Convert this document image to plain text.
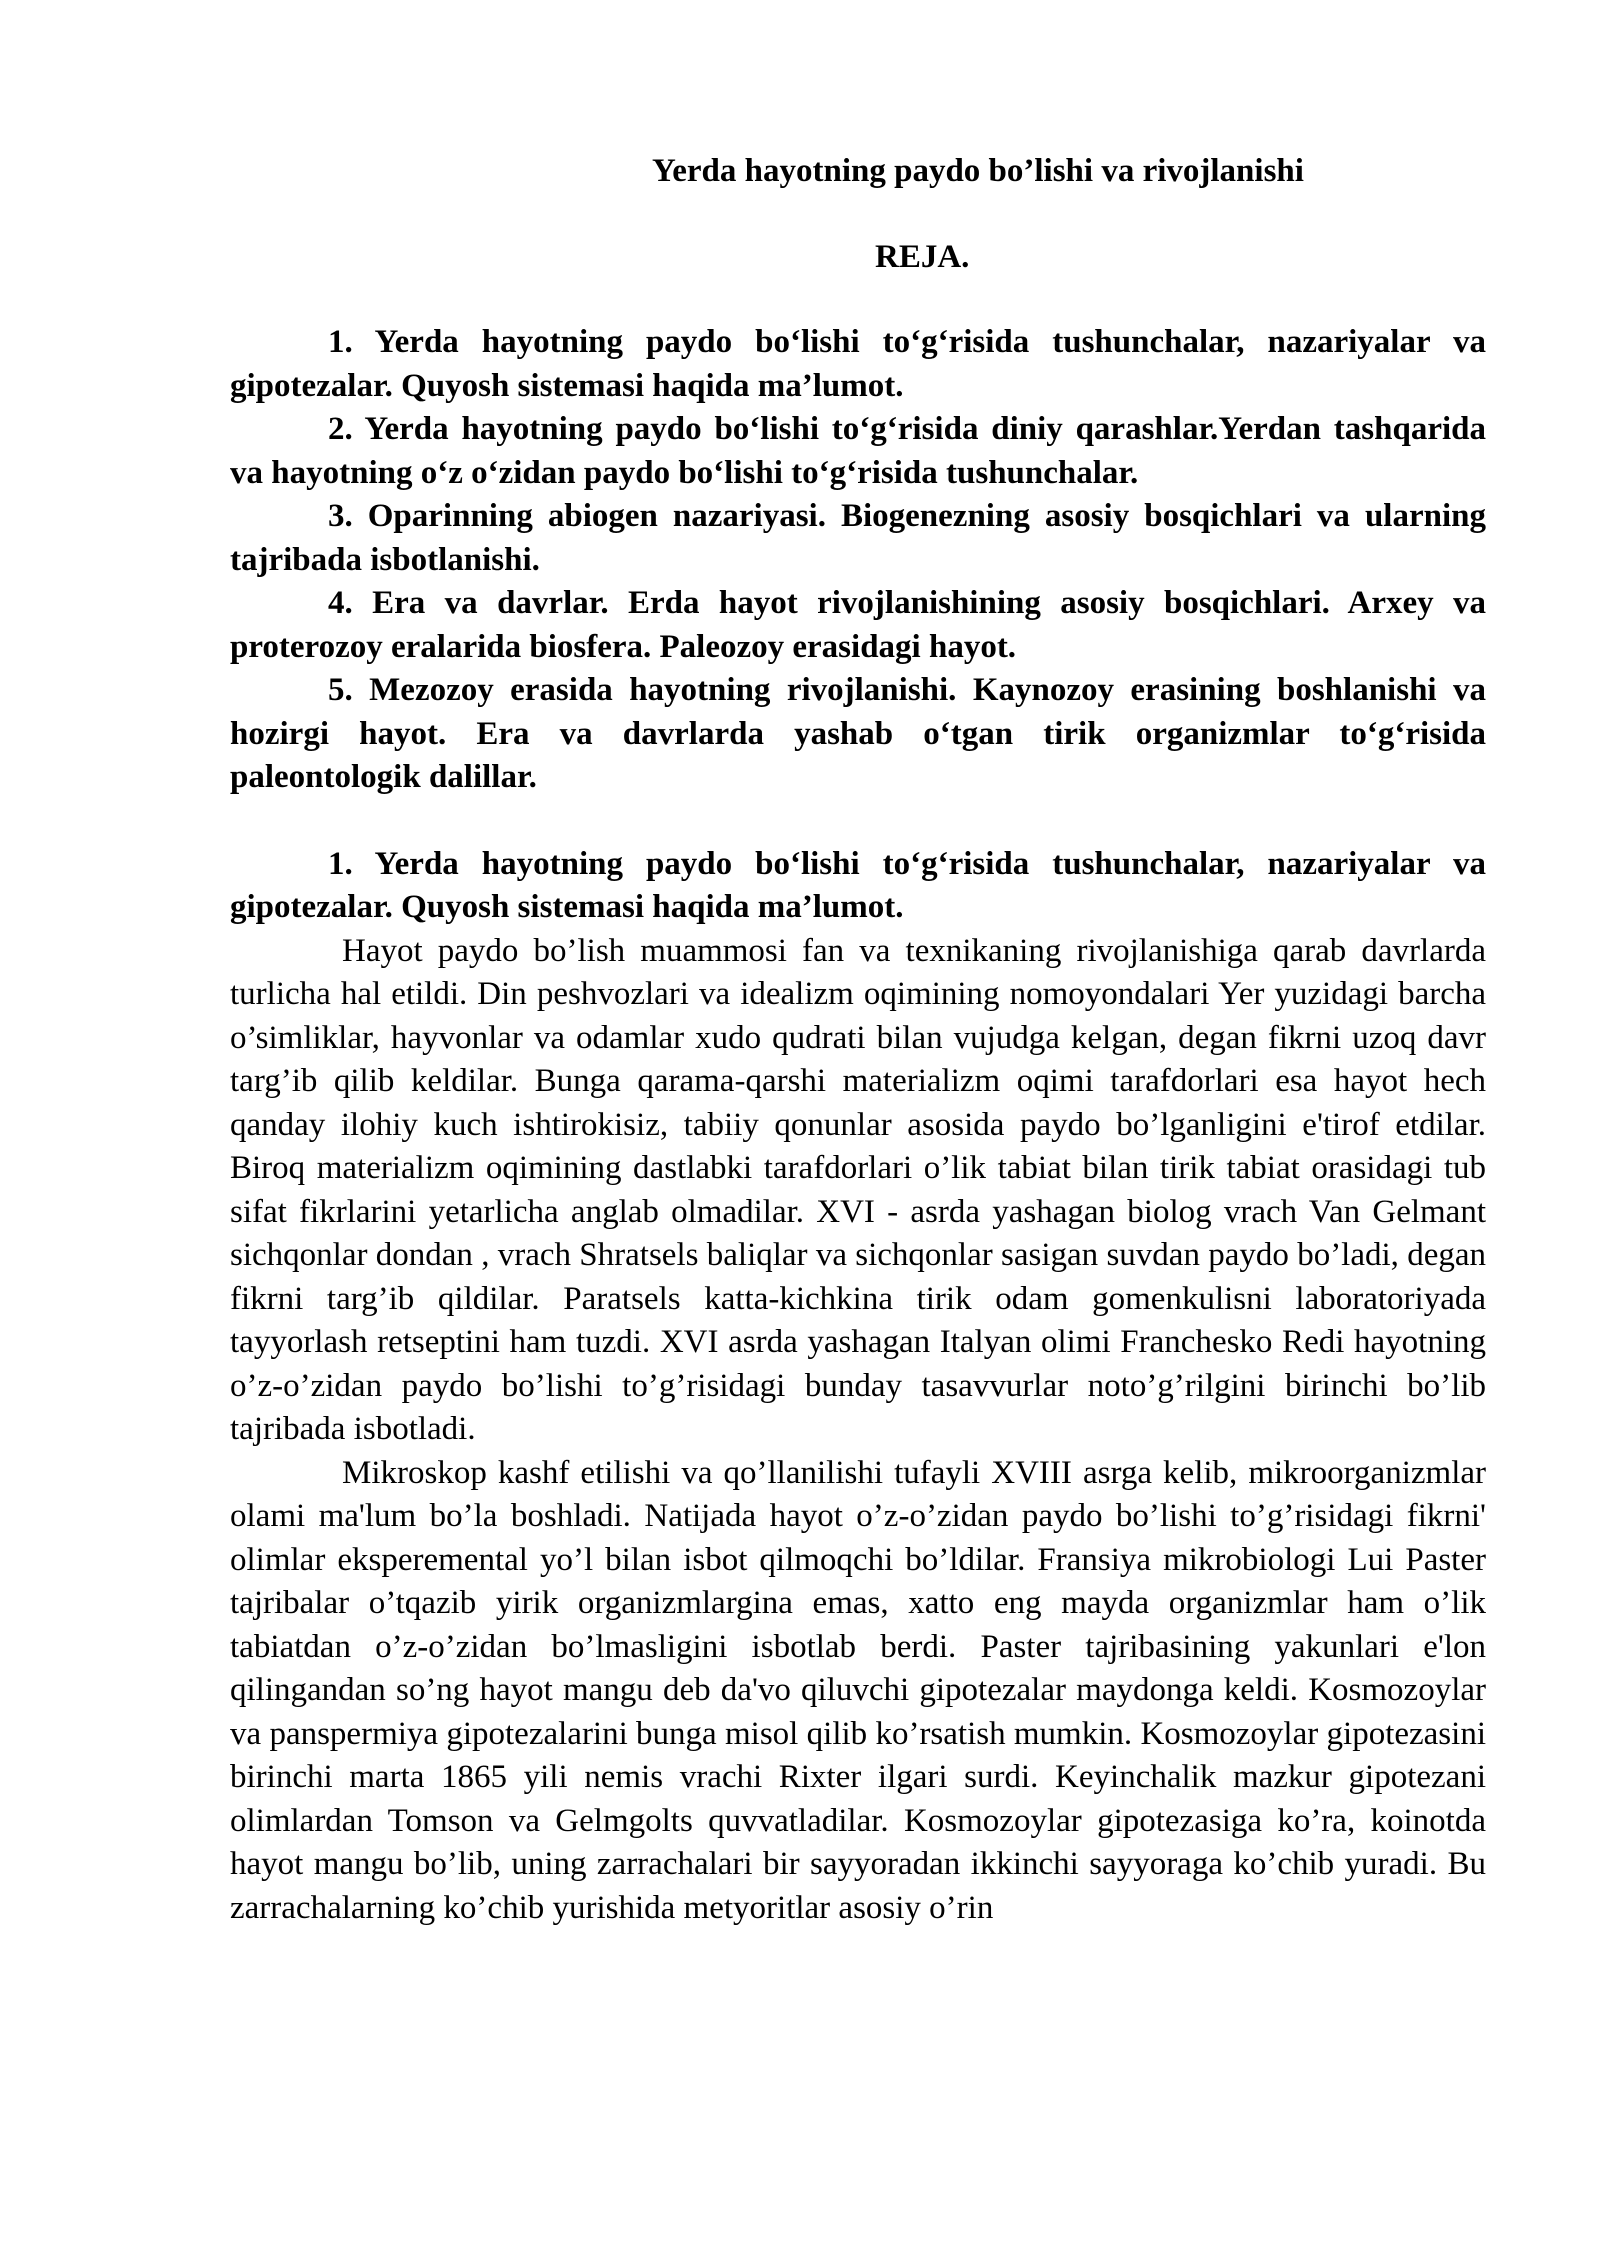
Yerda hayotning paydo bo’lishi va rivojlanishi
REJA.

1. Yerda hayotning paydo bo‘lishi to‘g‘risida tushunchalar, nazariyalar va gipotezalar. Quyosh sistemasi haqida ma’lumot.

2. Yerda hayotning paydo bo‘lishi to‘g‘risida diniy qarashlar.Yerdan tashqarida va hayotning o‘z o‘zidan paydo bo‘lishi to‘g‘risida tushunchalar.

3. Oparinning abiogen nazariyasi. Biogenezning asosiy bosqichlari va ularning tajribada isbotlanishi.

4. Era va davrlar. Erda hayot rivojlanishining asosiy bosqichlari. Arxey va proterozoy eralarida biosfera. Paleozoy erasidagi hayot.

5. Mezozoy erasida hayotning rivojlanishi. Kaynozoy erasining boshlanishi va hozirgi hayot. Era va davrlarda yashab o‘tgan tirik organizmlar to‘g‘risida paleontologik dalillar.

1. Yerda hayotning paydo bo‘lishi to‘g‘risida tushunchalar, nazariyalar va gipotezalar. Quyosh sistemasi haqida ma’lumot.

Hayot paydo bo’lish muammosi fan va texnikaning rivojlanishiga qarab davrlarda turlicha hal etildi. Din peshvozlari va idealizm oqimining nomoyondalari Yer yuzidagi barcha o’simliklar, hayvonlar va odamlar xudo qudrati bilan vujudga kelgan, degan fikrni uzoq davr targ’ib qilib keldilar. Bunga qarama-qarshi materializm oqimi tarafdorlari esa hayot hech qanday ilohiy kuch ishtirokisiz, tabiiy qonunlar asosida paydo bo’lganligini e'tirof etdilar. Biroq materializm oqimining dastlabki tarafdorlari o’lik tabiat bilan tirik tabiat orasidagi tub sifat fikrlarini yetarlicha anglab olmadilar. XVI - asrda yashagan biolog vrach Van Gelmant sichqonlar dondan , vrach Shratsels baliqlar va sichqonlar sasigan suvdan paydo bo’ladi, degan fikrni targ’ib qildilar. Paratsels katta-kichkina tirik odam gomenkulisni laboratoriyada tayyorlash retseptini ham tuzdi. XVI asrda yashagan Italyan olimi Franchesko Redi hayotning o’z-o’zidan paydo bo’lishi to’g’risidagi bunday tasavvurlar noto’g’rilgini birinchi bo’lib tajribada isbotladi.

Mikroskop kashf etilishi va qo’llanilishi tufayli XVIII asrga kelib, mikroorganizmlar olami ma'lum bo’la boshladi. Natijada hayot o’z-o’zidan paydo bo’lishi to’g’risidagi fikrni' olimlar eksperemental yo’l bilan isbot qilmoqchi bo’ldilar. Fransiya mikrobiologi Lui Paster tajribalar o’tqazib yirik organizmlargina emas, xatto eng mayda organizmlar ham o’lik tabiatdan o’z-o’zidan bo’lmasligini isbotlab berdi. Paster tajribasining yakunlari e'lon qilingandan so’ng hayot mangu deb da'vo qiluvchi gipotezalar maydonga keldi. Kosmozoylar va panspermiya gipotezalarini bunga misol qilib ko’rsatish mumkin. Kosmozoylar gipotezasini birinchi marta 1865 yili nemis vrachi Rixter ilgari surdi. Keyinchalik mazkur gipotezani olimlardan Tomson va Gelmgolts quvvatladilar. Kosmozoylar gipotezasiga ko’ra, koinotda hayot mangu bo’lib, uning zarrachalari bir sayyoradan ikkinchi sayyoraga ko’chib yuradi. Bu zarrachalarning ko’chib yurishida metyoritlar asosiy o’rin
